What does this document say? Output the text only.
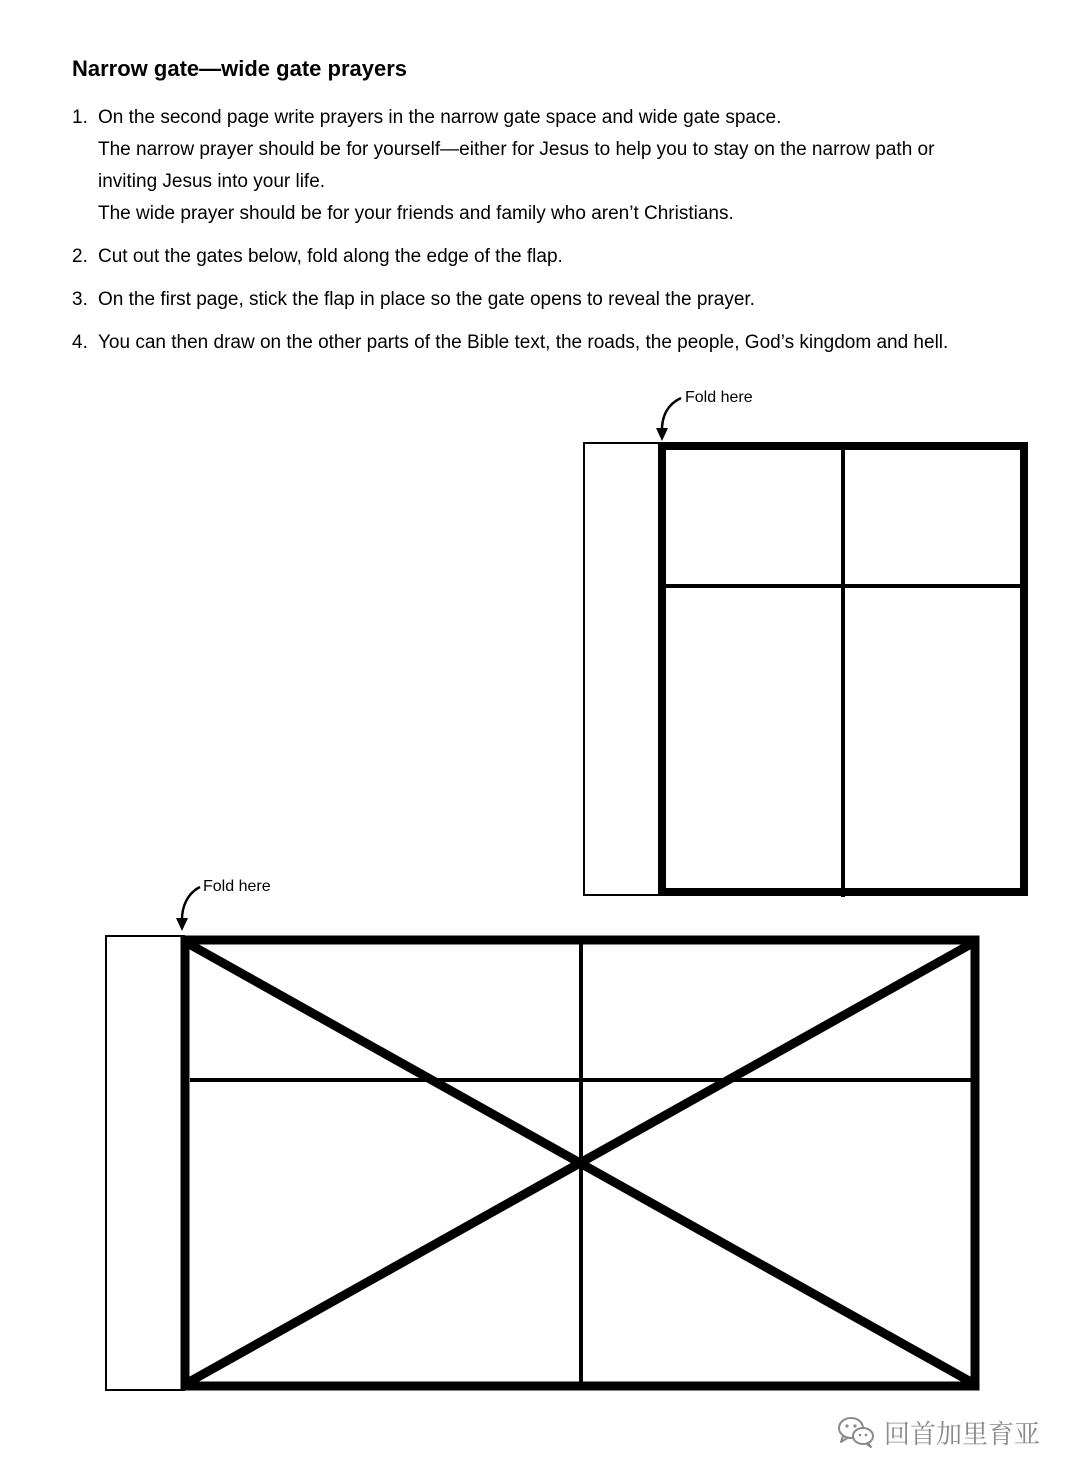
Narrow gate—wide gate prayers
1. On the second page write prayers in the narrow gate space and wide gate space.
The narrow prayer should be for yourself—either for Jesus to help you to stay on the narrow path or
inviting Jesus into your life.
The wide prayer should be for your friends and family who aren’t Christians.
2. Cut out the gates below, fold along the edge of the flap.
3. On the first page, stick the flap in place so the gate opens to reveal the prayer.
4. You can then draw on the other parts of the Bible text, the roads, the people, God’s kingdom and hell.
Fold here
Fold here
回首加里育亚
